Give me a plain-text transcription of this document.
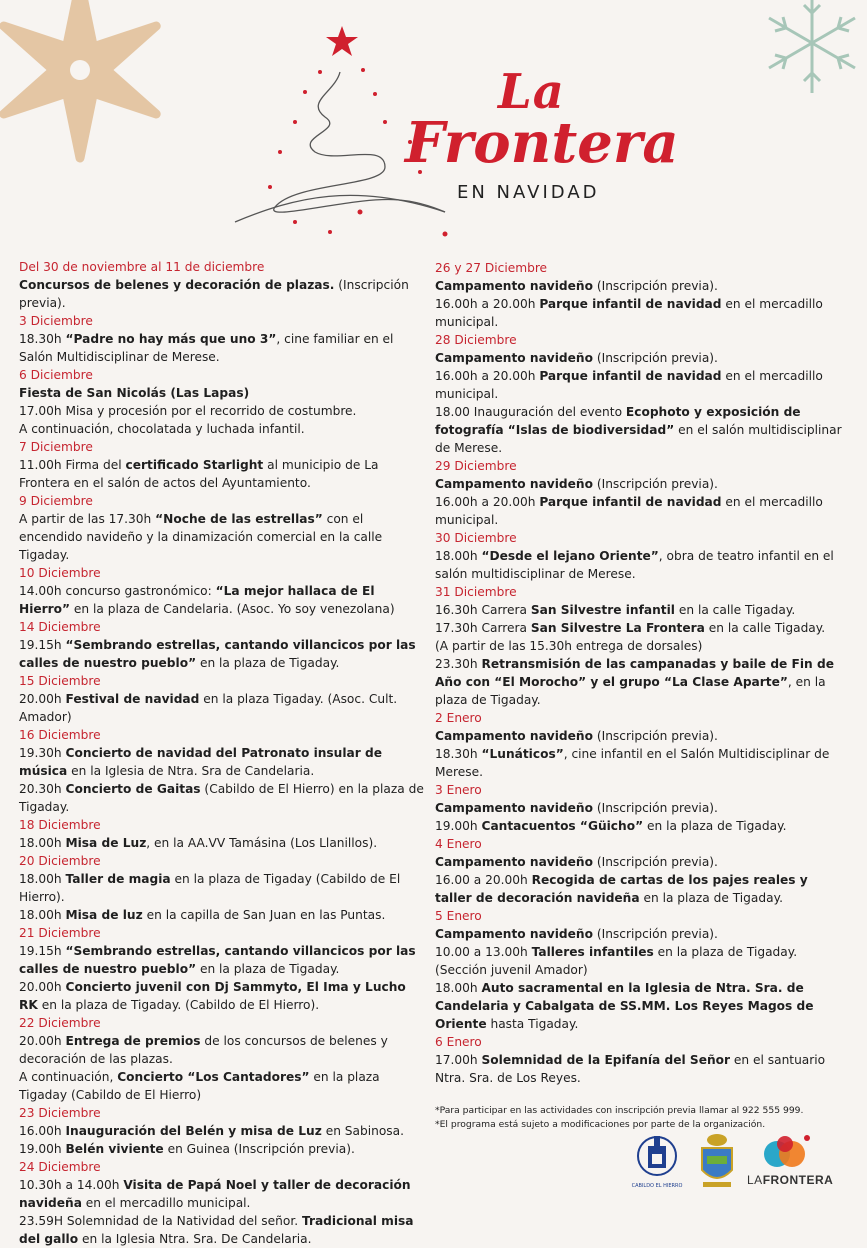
La
Frontera
EN NAVIDAD
Del 30 de noviembre al 11 de diciembre
Concursos de belenes y decoración de plazas. (Inscripción previa).
3 Diciembre
18.30h “Padre no hay más que uno 3”, cine familiar en el Salón Multidisciplinar de Merese.
6 Diciembre
Fiesta de San Nicolás (Las Lapas)
17.00h Misa y procesión por el recorrido de costumbre.
A continuación, chocolatada y luchada infantil.
7 Diciembre
11.00h Firma del certificado Starlight al municipio de La Frontera en el salón de actos del Ayuntamiento.
9 Diciembre
A partir de las 17.30h “Noche de las estrellas” con el encendido navideño y la dinamización comercial en la calle Tigaday.
10 Diciembre
14.00h concurso gastronómico: “La mejor hallaca de El Hierro” en la plaza de Candelaria. (Asoc. Yo soy venezolana)
14 Diciembre
19.15h “Sembrando estrellas, cantando villancicos por las calles de nuestro pueblo” en la plaza de Tigaday.
15 Diciembre
20.00h Festival de navidad en la plaza Tigaday. (Asoc. Cult. Amador)
16 Diciembre
19.30h Concierto de navidad del Patronato insular de música en la Iglesia de Ntra. Sra de Candelaria.
20.30h Concierto de Gaitas (Cabildo de El Hierro) en la plaza de Tigaday.
18 Diciembre
18.00h Misa de Luz, en la AA.VV Tamásina (Los Llanillos).
20 Diciembre
18.00h Taller de magia en la plaza de Tigaday (Cabildo de El Hierro).
18.00h Misa de luz en la capilla de San Juan en las Puntas.
21 Diciembre
19.15h “Sembrando estrellas, cantando villancicos por las calles de nuestro pueblo” en la plaza de Tigaday.
20.00h Concierto juvenil con Dj Sammyto, El Ima y Lucho RK en la plaza de Tigaday. (Cabildo de El Hierro).
22 Diciembre
20.00h Entrega de premios de los concursos de belenes y decoración de las plazas.
A continuación, Concierto “Los Cantadores” en la plaza Tigaday (Cabildo de El Hierro)
23 Diciembre
16.00h Inauguración del Belén y misa de Luz en Sabinosa.
19.00h Belén viviente en Guinea (Inscripción previa).
24 Diciembre
10.30h a 14.00h Visita de Papá Noel y taller de decoración navideña en el mercadillo municipal.
23.59H Solemnidad de la Natividad del señor. Tradicional misa del gallo en la Iglesia Ntra. Sra. De Candelaria.
26 y 27 Diciembre
Campamento navideño (Inscripción previa).
16.00h a 20.00h Parque infantil de navidad en el mercadillo municipal.
28 Diciembre
Campamento navideño (Inscripción previa).
16.00h a 20.00h Parque infantil de navidad en el mercadillo municipal.
18.00 Inauguración del evento Ecophoto y exposición de fotografía “Islas de biodiversidad” en el salón multidisciplinar de Merese.
29 Diciembre
Campamento navideño (Inscripción previa).
16.00h a 20.00h Parque infantil de navidad en el mercadillo municipal.
30 Diciembre
18.00h “Desde el lejano Oriente”, obra de teatro infantil en el salón multidisciplinar de Merese.
31 Diciembre
16.30h Carrera San Silvestre infantil en la calle Tigaday.
17.30h Carrera San Silvestre La Frontera en la calle Tigaday.
(A partir de las 15.30h entrega de dorsales)
23.30h Retransmisión de las campanadas y baile de Fin de Año con “El Morocho” y el grupo “La Clase Aparte”, en la plaza de Tigaday.
2 Enero
Campamento navideño (Inscripción previa).
18.30h “Lunáticos”, cine infantil en el Salón Multidisciplinar de Merese.
3 Enero
Campamento navideño (Inscripción previa).
19.00h Cantacuentos “Güicho” en la plaza de Tigaday.
4 Enero
Campamento navideño (Inscripción previa).
16.00 a 20.00h Recogida de cartas de los pajes reales y taller de decoración navideña en la plaza de Tigaday.
5 Enero
Campamento navideño (Inscripción previa).
10.00 a 13.00h Talleres infantiles en la plaza de Tigaday. (Sección juvenil Amador)
18.00h Auto sacramental en la Iglesia de Ntra. Sra. de Candelaria y Cabalgata de SS.MM. Los Reyes Magos de Oriente hasta Tigaday.
6 Enero
17.00h Solemnidad de la Epifanía del Señor en el santuario Ntra. Sra. de Los Reyes.
*Para participar en las actividades con inscripción previa llamar al 922 555 999.
*El programa está sujeto a modificaciones por parte de la organización.
CABILDO EL HIERRO	LAFRONTERA
